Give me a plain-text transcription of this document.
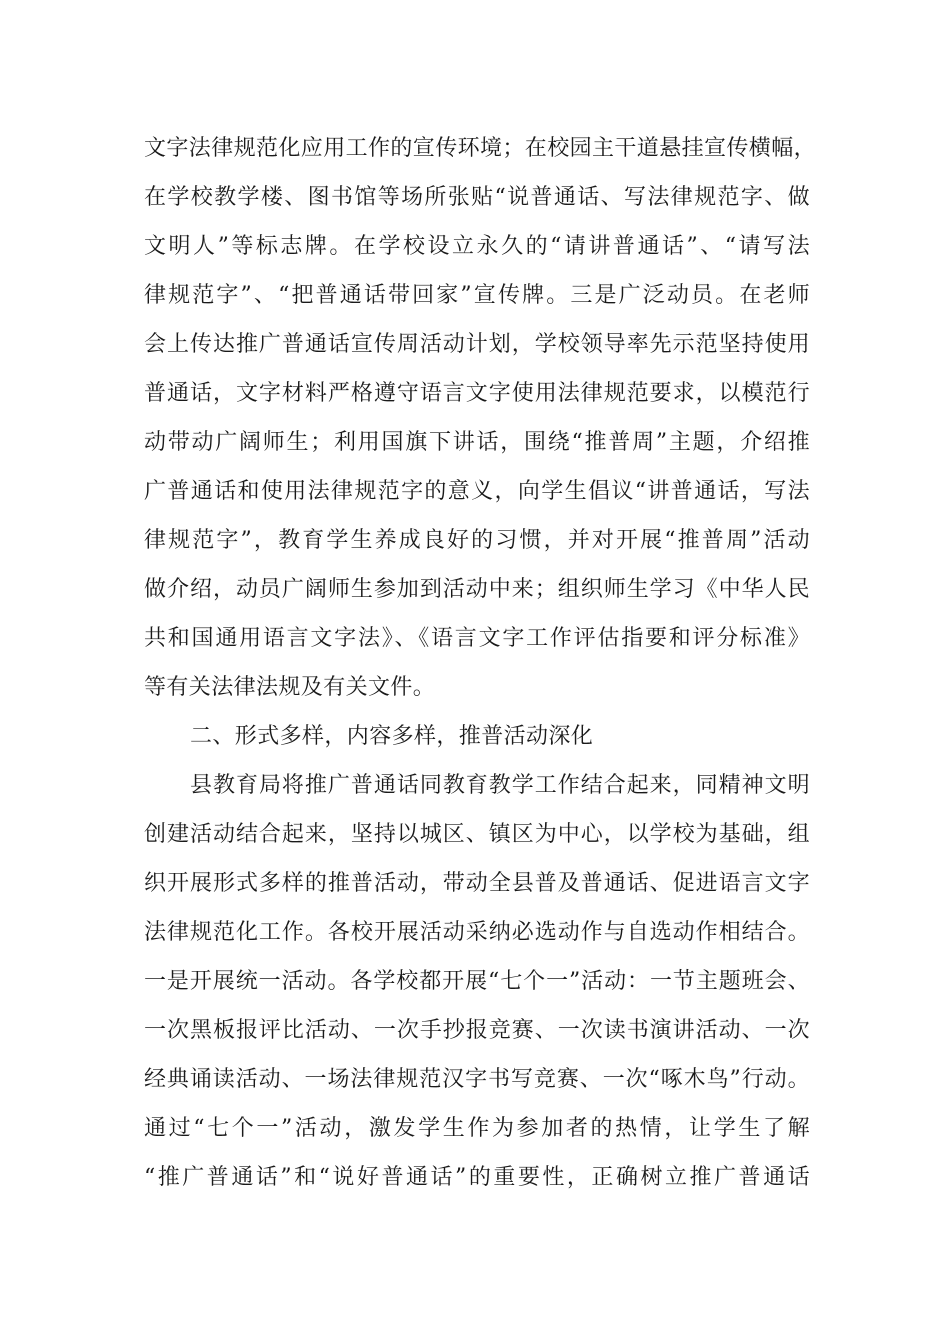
文字法律规范化应用工作的宣传环境；在校园主干道悬挂宣传横幅，
在学校教学楼、图书馆等场所张贴“说普通话、写法律规范字、做
文明人”等标志牌。在学校设立永久的“请讲普通话”、“请写法
律规范字”、“把普通话带回家”宣传牌。三是广泛动员。在老师
会上传达推广普通话宣传周活动计划，学校领导率先示范坚持使用
普通话，文字材料严格遵守语言文字使用法律规范要求，以模范行
动带动广阔师生；利用国旗下讲话，围绕“推普周”主题，介绍推
广普通话和使用法律规范字的意义，向学生倡议“讲普通话，写法
律规范字”，教育学生养成良好的习惯，并对开展“推普周”活动
做介绍，动员广阔师生参加到活动中来；组织师生学习《中华人民
共和国通用语言文字法》、《语言文字工作评估指要和评分标准》
等有关法律法规及有关文件。
二、形式多样，内容多样，推普活动深化
县教育局将推广普通话同教育教学工作结合起来，同精神文明
创建活动结合起来，坚持以城区、镇区为中心，以学校为基础，组
织开展形式多样的推普活动，带动全县普及普通话、促进语言文字
法律规范化工作。各校开展活动采纳必选动作与自选动作相结合。
一是开展统一活动。各学校都开展“七个一”活动：一节主题班会、
一次黑板报评比活动、一次手抄报竞赛、一次读书演讲活动、一次
经典诵读活动、一场法律规范汉字书写竞赛、一次“啄木鸟”行动。
通过“七个一”活动，激发学生作为参加者的热情，让学生了解
“推广普通话”和“说好普通话”的重要性，正确树立推广普通话
